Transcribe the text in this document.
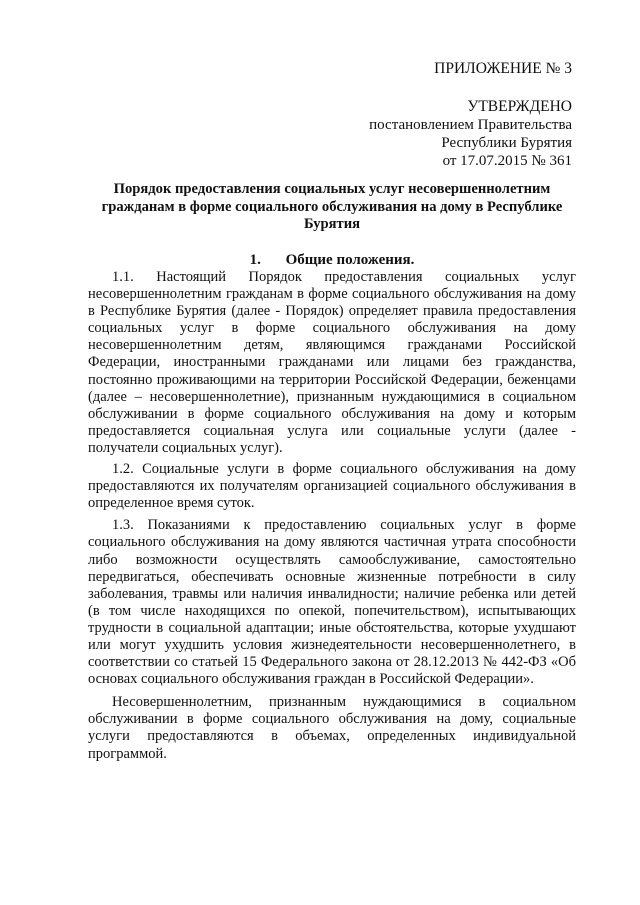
ПРИЛОЖЕНИЕ № 3
УТВЕРЖДЕНО
постановлением Правительства
Республики Бурятия
от 17.07.2015 № 361
Порядок предоставления социальных услуг несовершеннолетним
гражданам в форме социального обслуживания на дому в Республике
Бурятия
1. Общие положения.

1.1. Настоящий Порядок предоставления социальных услуг несовершеннолетним гражданам в форме социального обслуживания на дому в Республике Бурятия (далее - Порядок) определяет правила предоставления социальных услуг в форме социального обслуживания на дому несовершеннолетним детям, являющимся гражданами Российской Федерации, иностранными гражданами или лицами без гражданства, постоянно проживающими на территории Российской Федерации, беженцами (далее – несовершеннолетние), признанным нуждающимися в социальном обслуживании в форме социального обслуживания на дому и которым предоставляется социальная услуга или социальные услуги (далее - получатели социальных услуг).

1.2. Социальные услуги в форме социального обслуживания на дому предоставляются их получателям организацией социального обслуживания в определенное время суток.

1.3. Показаниями к предоставлению социальных услуг в форме социального обслуживания на дому являются частичная утрата способности либо возможности осуществлять самообслуживание, самостоятельно передвигаться, обеспечивать основные жизненные потребности в силу заболевания, травмы или наличия инвалидности; наличие ребенка или детей (в том числе находящихся по опекой, попечительством), испытывающих трудности в социальной адаптации; иные обстоятельства, которые ухудшают или могут ухудшить условия жизнедеятельности несовершеннолетнего, в соответствии со статьей 15 Федерального закона от 28.12.2013 № 442-ФЗ «Об основах социального обслуживания граждан в Российской Федерации».

Несовершеннолетним, признанным нуждающимися в социальном обслуживании в форме социального обслуживания на дому, социальные услуги предоставляются в объемах, определенных индивидуальной программой.
